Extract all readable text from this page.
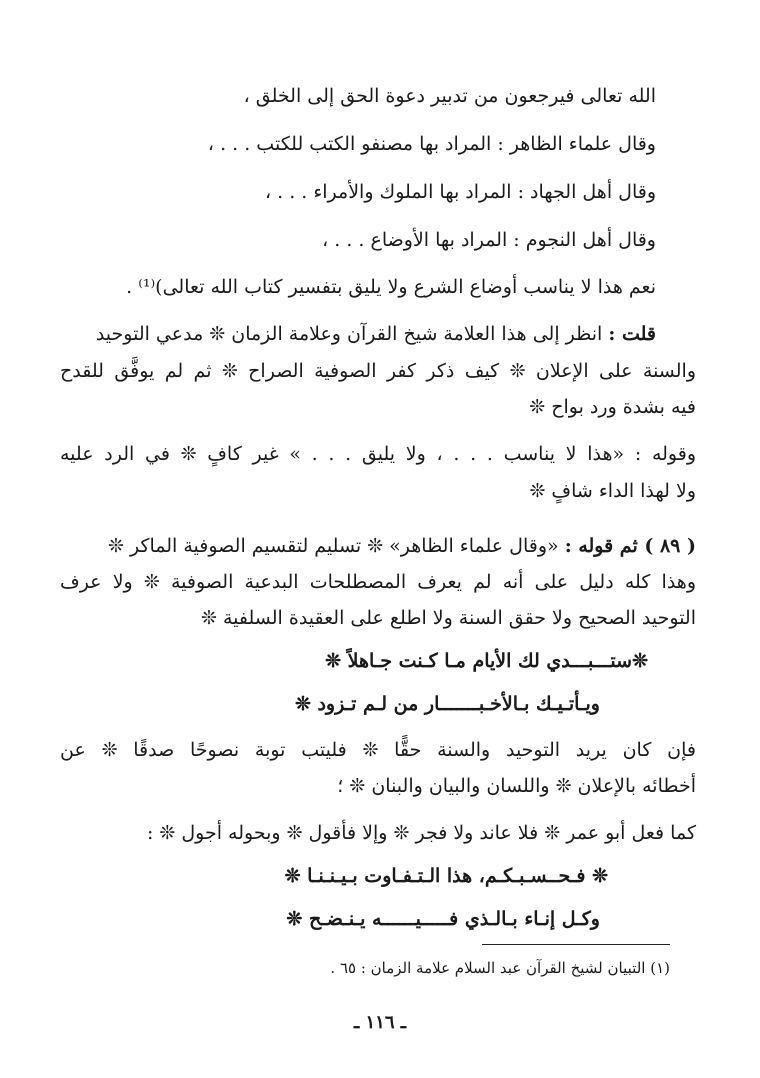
الله تعالى فيرجعون من تدبير دعوة الحق إلى الخلق ،
وقال علماء الظاهر : المراد بها مصنفو الكتب للكتب . . . ،
وقال أهل الجهاد : المراد بها الملوك والأمراء . . . ،
وقال أهل النجوم : المراد بها الأوضاع . . . ،
نعم هذا لا يناسب أوضاع الشرع ولا يليق بتفسير كتاب الله تعالى)⁽¹⁾ .
قلت : انظر إلى هذا العلامة شيخ القرآن وعلامة الزمان ❊ مدعي التوحيد
والسنة على الإعلان ❊ كيف ذكر كفر الصوفية الصراح ❊ ثم لم يوفَّق للقدح
فيه بشدة ورد بواح ❊
وقوله : «هذا لا يناسب . . . ، ولا يليق . . . » غير كافٍ ❊ في الرد عليه
ولا لهذا الداء شافٍ ❊
( ٨٩ ) ثم قوله : «وقال علماء الظاهر» ❊ تسليم لتقسيم الصوفية الماكر ❊
وهذا كله دليل على أنه لم يعرف المصطلحات البدعية الصوفية ❊ ولا عرف
التوحيد الصحيح ولا حقق السنة ولا اطلع على العقيدة السلفية ❊
❊ستـــبـــدي لك الأيام مـا كـنت جـاهلاً ❊
ويـأتـيـك بـالأخـبـــــــار من لـم تـزود ❊
فإن كان يريد التوحيد والسنة حقًّا ❊ فليتب توبة نصوحًا صدقًا ❊ عن
أخطائه بالإعلان ❊ واللسان والبيان والبنان ❊ ؛
كما فعل أبو عمر ❊ فلا عاند ولا فجر ❊ وإلا فأقول ❊ وبحوله أجول ❊ :
❊ فـحــسـبـكـم، هذا الـتـفـاوت بـيـنـنـا ❊
وكـل إنـاء بـالـذي فـــــيــــــه يـنـضـح ❊
(١) التبيان لشيخ القرآن عبد السلام علامة الزمان : ٦٥ .
ـ ١١٦ ـ
